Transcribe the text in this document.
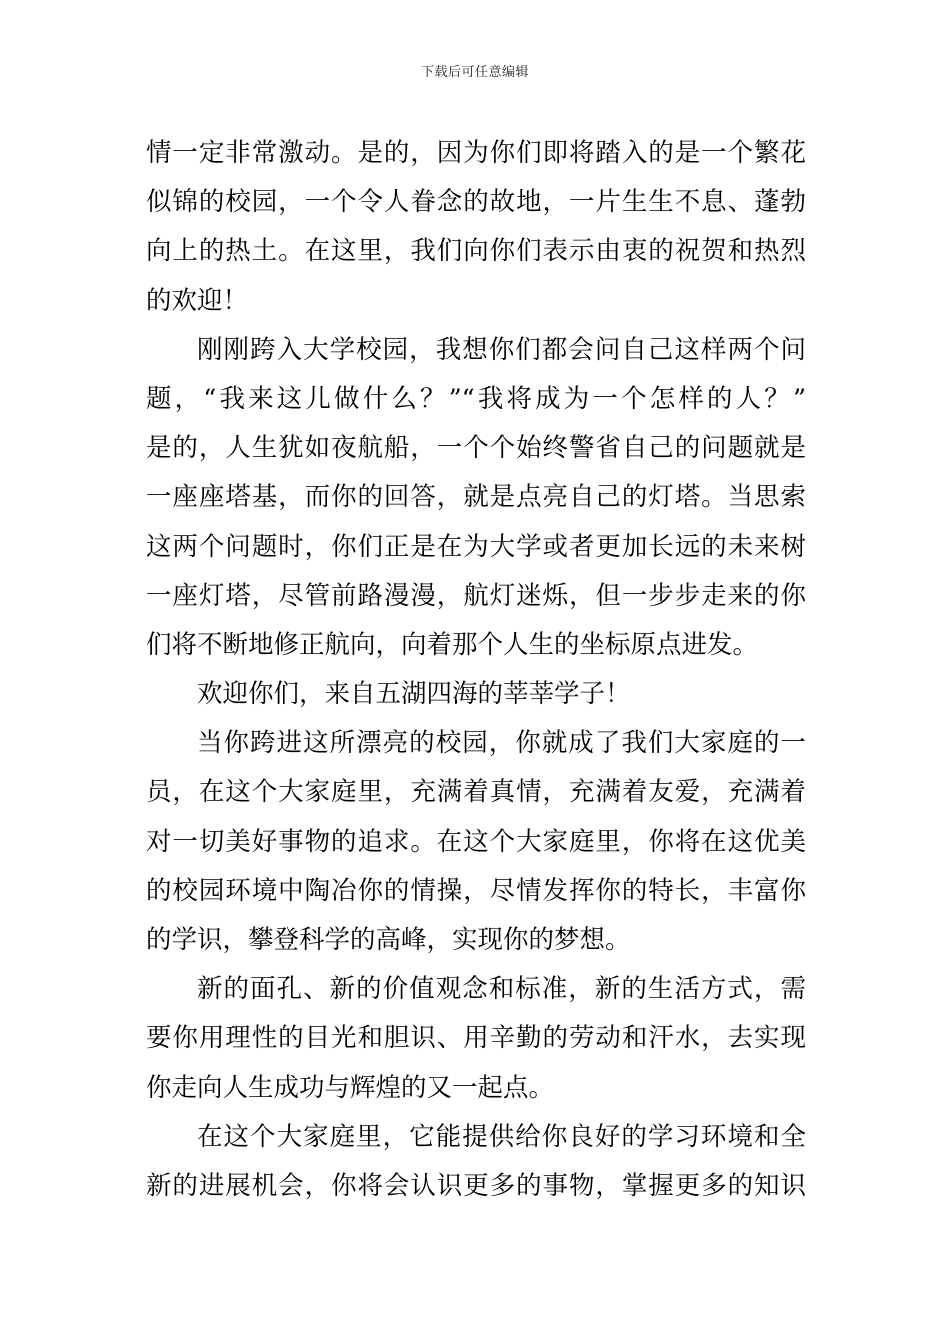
下载后可任意编辑
情一定非常激动。是的，因为你们即将踏入的是一个繁花
似锦的校园，一个令人眷念的故地，一片生生不息、蓬勃
向上的热土。在这里，我们向你们表示由衷的祝贺和热烈
的欢迎！
刚刚跨入大学校园，我想你们都会问自己这样两个问
题，“我来这儿做什么？”“我将成为一个怎样的人？”
是的，人生犹如夜航船，一个个始终警省自己的问题就是
一座座塔基，而你的回答，就是点亮自己的灯塔。当思索
这两个问题时，你们正是在为大学或者更加长远的未来树
一座灯塔，尽管前路漫漫，航灯迷烁，但一步步走来的你
们将不断地修正航向，向着那个人生的坐标原点进发。
欢迎你们，来自五湖四海的莘莘学子！
当你跨进这所漂亮的校园，你就成了我们大家庭的一
员，在这个大家庭里，充满着真情，充满着友爱，充满着
对一切美好事物的追求。在这个大家庭里，你将在这优美
的校园环境中陶冶你的情操，尽情发挥你的特长，丰富你
的学识，攀登科学的高峰，实现你的梦想。
新的面孔、新的价值观念和标准，新的生活方式，需
要你用理性的目光和胆识、用辛勤的劳动和汗水，去实现
你走向人生成功与辉煌的又一起点。
在这个大家庭里，它能提供给你良好的学习环境和全
新的进展机会，你将会认识更多的事物，掌握更多的知识
